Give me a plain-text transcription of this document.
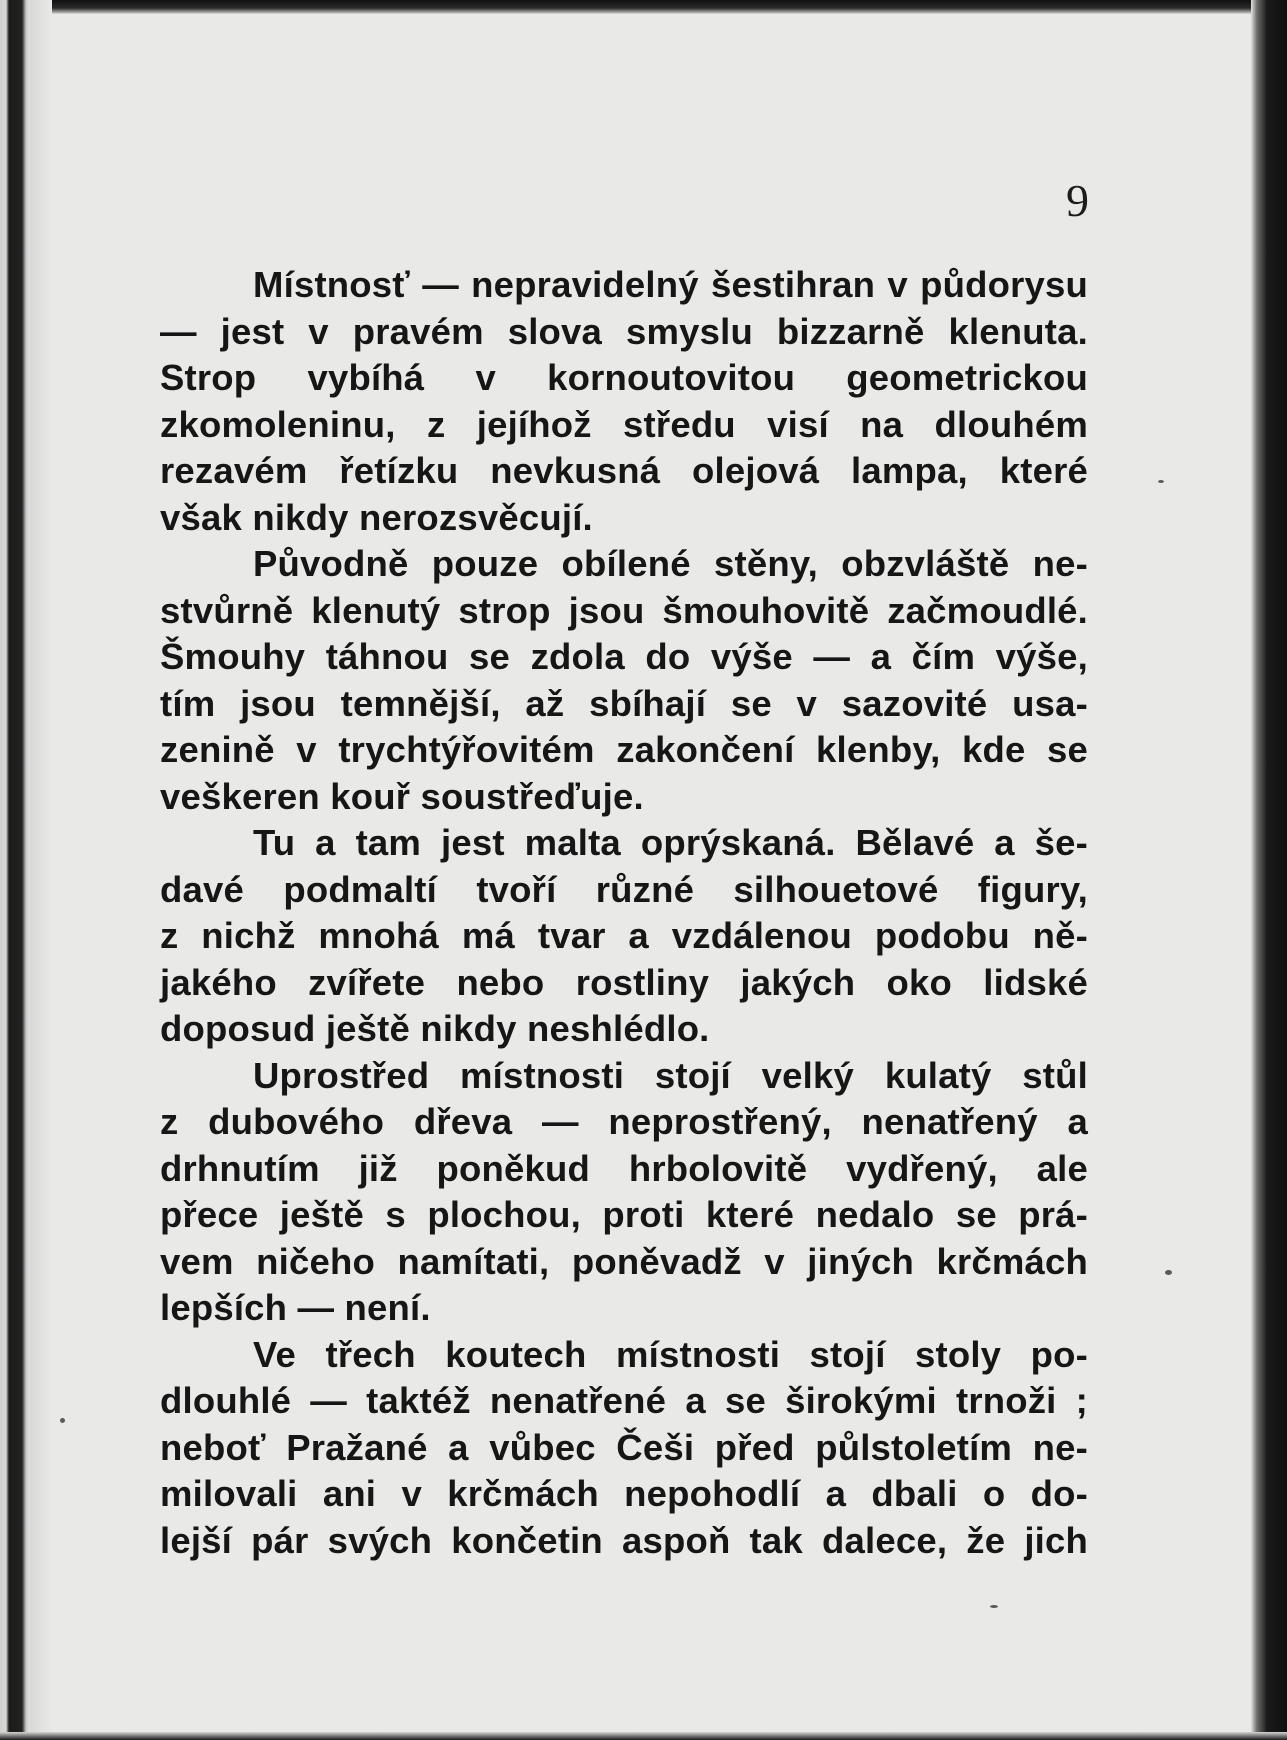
9

Místnosť — nepravidelný šestihran v půdorysu
— jest v pravém slova smyslu bizzarně klenuta.
Strop vybíhá v kornoutovitou geometrickou
zkomoleninu, z jejíhož středu visí na dlouhém
rezavém řetízku nevkusná olejová lampa, které
však nikdy nerozsvěcují.

Původně pouze obílené stěny, obzvláště ne-
stvůrně klenutý strop jsou šmouhovitě začmoudlé.
Šmouhy táhnou se zdola do výše — a čím výše,
tím jsou temnější, až sbíhají se v sazovité usa-
zenině v trychtýřovitém zakončení klenby, kde se
veškeren kouř soustřeďuje.

Tu a tam jest malta oprýskaná. Bělavé a še-
davé podmaltí tvoří různé silhouetové figury,
z nichž mnohá má tvar a vzdálenou podobu ně-
jakého zvířete nebo rostliny jakých oko lidské
doposud ještě nikdy neshlédlo.

Uprostřed místnosti stojí velký kulatý stůl
z dubového dřeva — neprostřený, nenatřený a
drhnutím již poněkud hrbolovitě vydřený, ale
přece ještě s plochou, proti které nedalo se prá-
vem ničeho namítati, poněvadž v jiných krčmách
lepších — není.

Ve třech koutech místnosti stojí stoly po-
dlouhlé — taktéž nenatřené a se širokými trnoži ;
neboť Pražané a vůbec Češi před půlstoletím ne-
milovali ani v krčmách nepohodlí a dbali o do-
lejší pár svých končetin aspoň tak dalece, že jich
